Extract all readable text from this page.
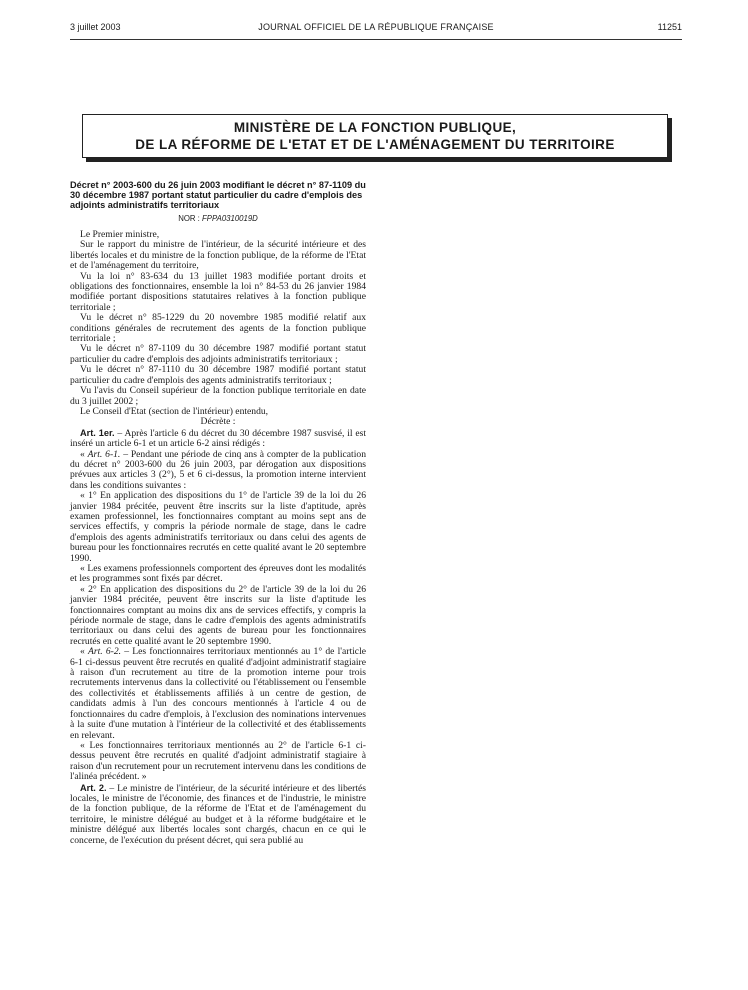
3 juillet 2003	JOURNAL OFFICIEL DE LA RÉPUBLIQUE FRANÇAISE	11251
MINISTÈRE DE LA FONCTION PUBLIQUE,
DE LA RÉFORME DE L'ETAT ET DE L'AMÉNAGEMENT DU TERRITOIRE

Décret n° 2003-600 du 26 juin 2003 modifiant le décret n° 87-1109 du 30 décembre 1987 portant statut particulier du cadre d'emplois des adjoints administratifs territoriaux

NOR : FPPA0310019D

Le Premier ministre,

Sur le rapport du ministre de l'intérieur, de la sécurité intérieure et des libertés locales et du ministre de la fonction publique, de la réforme de l'Etat et de l'aménagement du territoire,

Vu la loi n° 83-634 du 13 juillet 1983 modifiée portant droits et obligations des fonctionnaires, ensemble la loi n° 84-53 du 26 janvier 1984 modifiée portant dispositions statutaires relatives à la fonction publique territoriale ;

Vu le décret n° 85-1229 du 20 novembre 1985 modifié relatif aux conditions générales de recrutement des agents de la fonction publique territoriale ;

Vu le décret n° 87-1109 du 30 décembre 1987 modifié portant statut particulier du cadre d'emplois des adjoints administratifs territoriaux ;

Vu le décret n° 87-1110 du 30 décembre 1987 modifié portant statut particulier du cadre d'emplois des agents administratifs territoriaux ;

Vu l'avis du Conseil supérieur de la fonction publique territoriale en date du 3 juillet 2002 ;

Le Conseil d'Etat (section de l'intérieur) entendu,

Décrète :

Art. 1er. – Après l'article 6 du décret du 30 décembre 1987 susvisé, il est inséré un article 6-1 et un article 6-2 ainsi rédigés :

« Art. 6-1. – Pendant une période de cinq ans à compter de la publication du décret n° 2003-600 du 26 juin 2003, par dérogation aux dispositions prévues aux articles 3 (2°), 5 et 6 ci-dessus, la promotion interne intervient dans les conditions suivantes :

« 1° En application des dispositions du 1° de l'article 39 de la loi du 26 janvier 1984 précitée, peuvent être inscrits sur la liste d'aptitude, après examen professionnel, les fonctionnaires comptant au moins sept ans de services effectifs, y compris la période normale de stage, dans le cadre d'emplois des agents administratifs territoriaux ou dans celui des agents de bureau pour les fonctionnaires recrutés en cette qualité avant le 20 septembre 1990.

« Les examens professionnels comportent des épreuves dont les modalités et les programmes sont fixés par décret.

« 2° En application des dispositions du 2° de l'article 39 de la loi du 26 janvier 1984 précitée, peuvent être inscrits sur la liste d'aptitude les fonctionnaires comptant au moins dix ans de services effectifs, y compris la période normale de stage, dans le cadre d'emplois des agents administratifs territoriaux ou dans celui des agents de bureau pour les fonctionnaires recrutés en cette qualité avant le 20 septembre 1990.

« Art. 6-2. – Les fonctionnaires territoriaux mentionnés au 1° de l'article 6-1 ci-dessus peuvent être recrutés en qualité d'adjoint administratif stagiaire à raison d'un recrutement au titre de la promotion interne pour trois recrutements intervenus dans la collectivité ou l'établissement ou l'ensemble des collectivités et établissements affiliés à un centre de gestion, de candidats admis à l'un des concours mentionnés à l'article 4 ou de fonctionnaires du cadre d'emplois, à l'exclusion des nominations intervenues à la suite d'une mutation à l'intérieur de la collectivité et des établissements en relevant.

« Les fonctionnaires territoriaux mentionnés au 2° de l'article 6-1 ci-dessus peuvent être recrutés en qualité d'adjoint administratif stagiaire à raison d'un recrutement pour un recrutement intervenu dans les conditions de l'alinéa précédent. »

Art. 2. – Le ministre de l'intérieur, de la sécurité intérieure et des libertés locales, le ministre de l'économie, des finances et de l'industrie, le ministre de la fonction publique, de la réforme de l'Etat et de l'aménagement du territoire, le ministre délégué au budget et à la réforme budgétaire et le ministre délégué aux libertés locales sont chargés, chacun en ce qui le concerne, de l'exécution du présent décret, qui sera publié au
